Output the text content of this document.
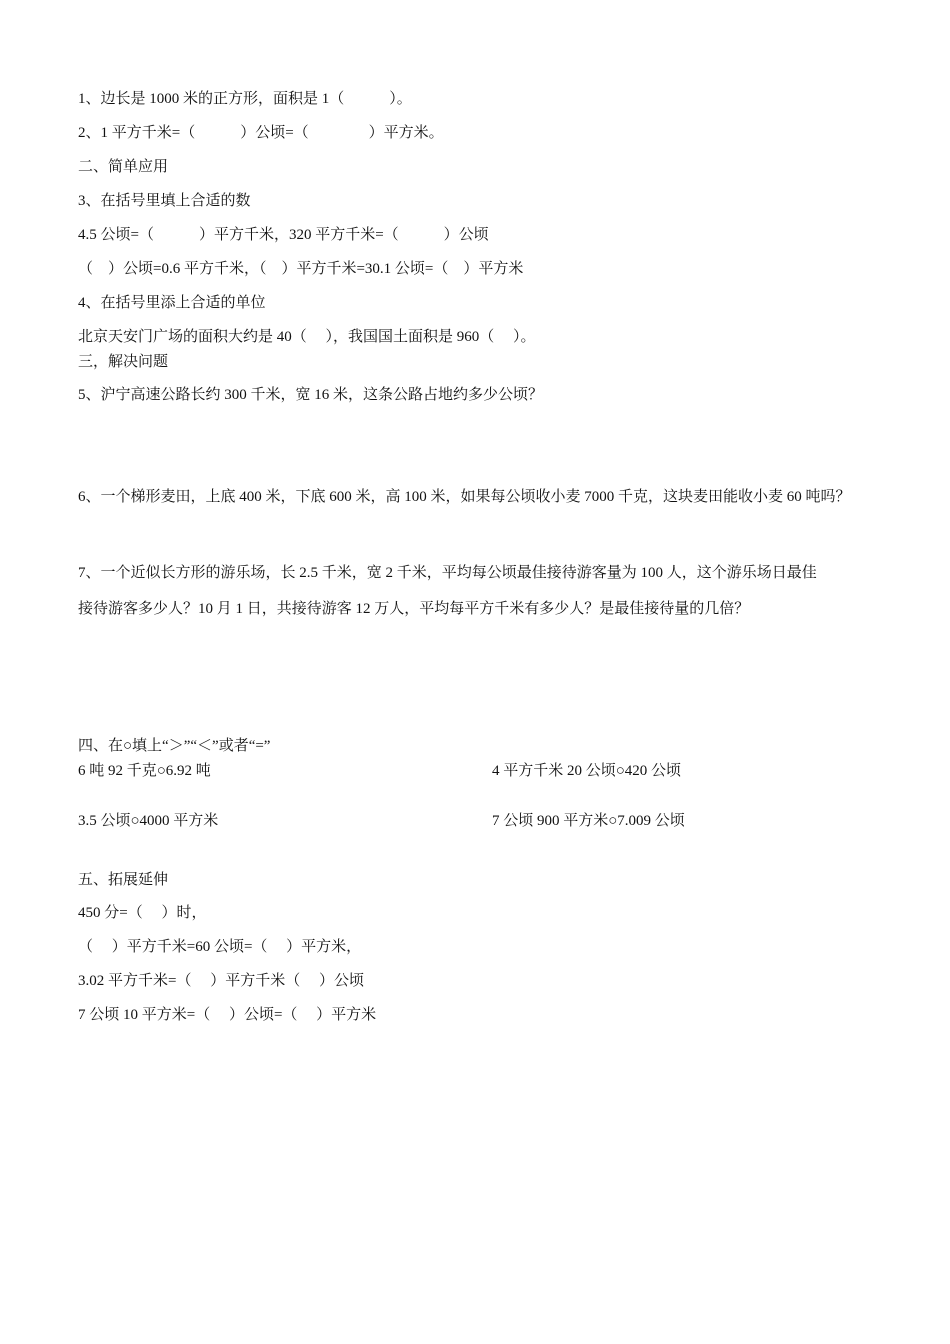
1、边长是 1000 米的正方形，面积是 1（　　　）。
2、1 平方千米=（　　　）公顷=（　　　　）平方米。
二、简单应用
3、在括号里填上合适的数
4.5 公顷=（　　　）平方千米，320 平方千米=（　　　）公顷
（　）公顷=0.6 平方千米，（　）平方千米=30.1 公顷=（　）平方米
4、在括号里添上合适的单位
北京天安门广场的面积大约是 40（　 ），我国国土面积是 960（　 ）。
三，解决问题
5、沪宁高速公路长约 300 千米，宽 16 米，这条公路占地约多少公顷？
6、一个梯形麦田，上底 400 米，下底 600 米，高 100 米，如果每公顷收小麦 7000 千克，这块麦田能收小麦 60 吨吗？
7、一个近似长方形的游乐场，长 2.5 千米，宽 2 千米，平均每公顷最佳接待游客量为 100 人，这个游乐场日最佳
接待游客多少人？10 月 1 日，共接待游客 12 万人，平均每平方千米有多少人？是最佳接待量的几倍？
四、在○填上“＞”“＜”或者“=”
6 吨 92 千克○6.92 吨	4 平方千米 20 公顷○420 公顷
3.5 公顷○4000 平方米	7 公顷 900 平方米○7.009 公顷
五、拓展延伸
450 分=（　 ）时，
（　 ）平方千米=60 公顷=（　 ）平方米，
3.02 平方千米=（　 ）平方千米（　 ）公顷
7 公顷 10 平方米=（　 ）公顷=（　 ）平方米
